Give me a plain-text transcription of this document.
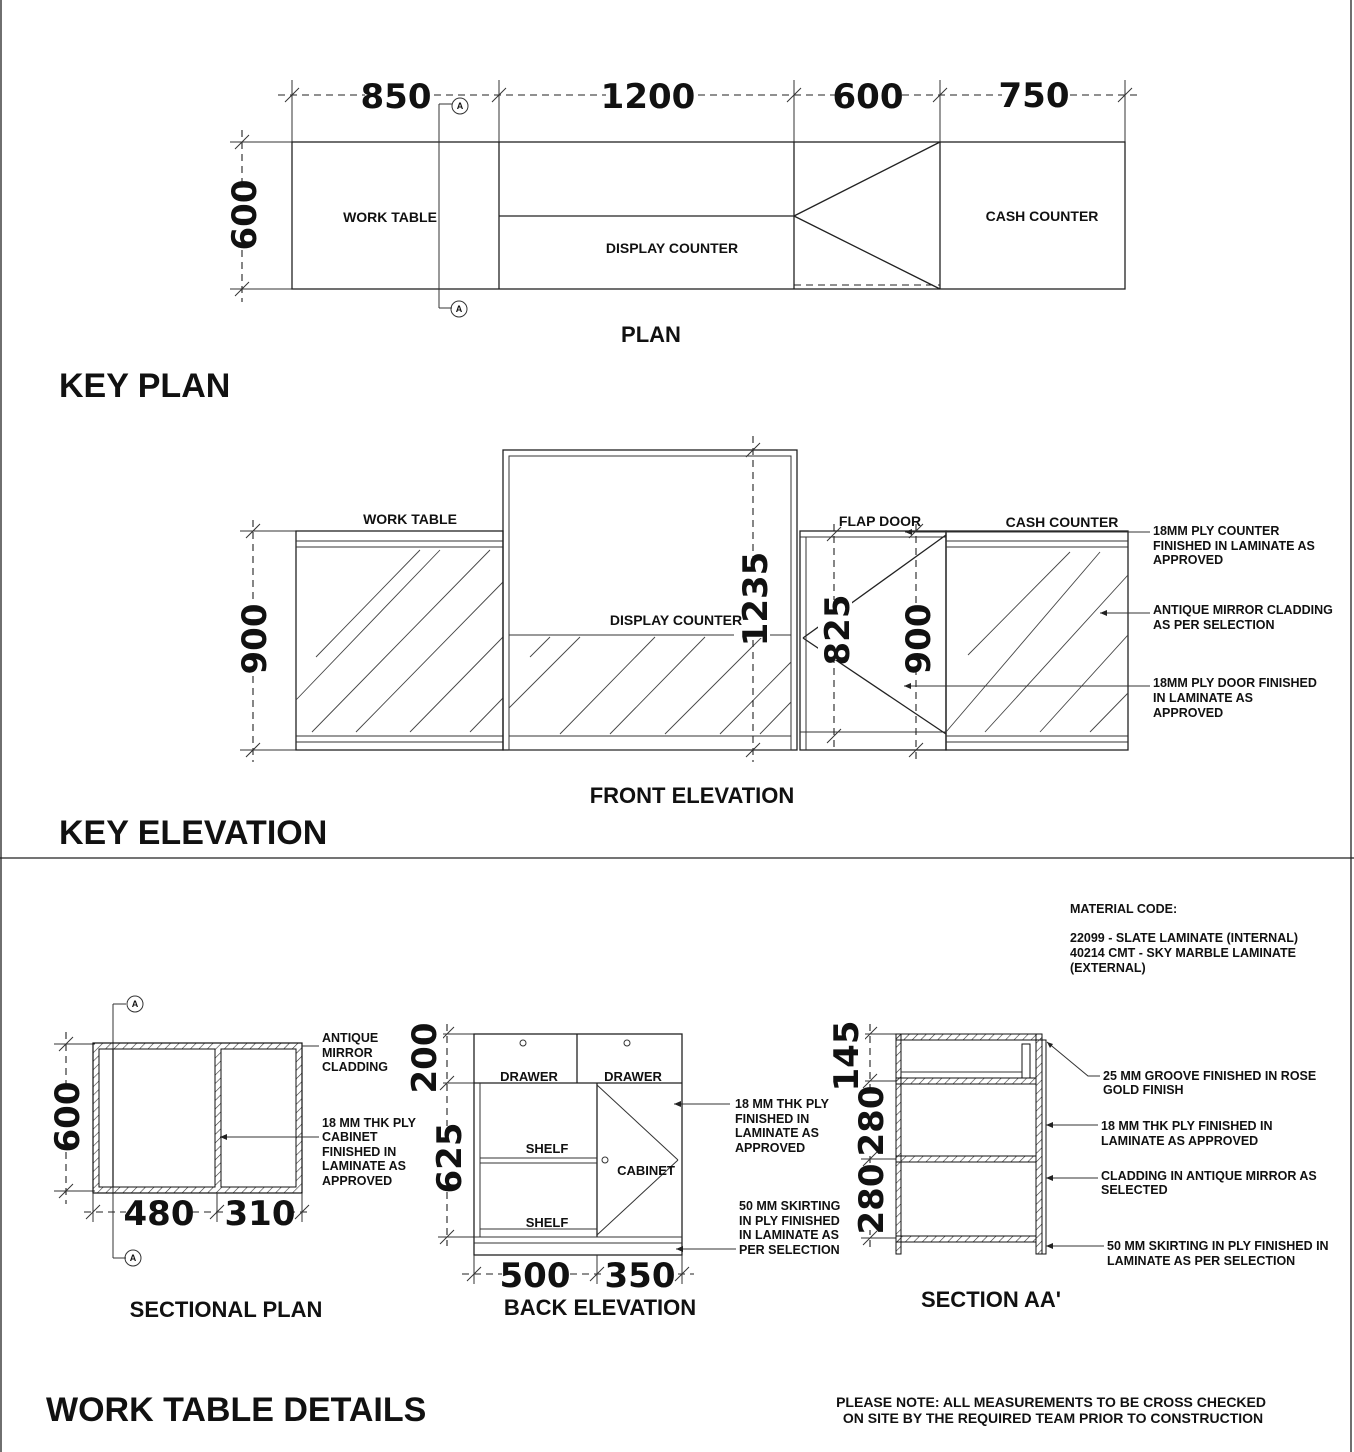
850	1200	600	750
600
A
A
WORK TABLE
DISPLAY COUNTER
CASH COUNTER
PLAN
KEY PLAN
900	1235 825 900
WORK TABLE
DISPLAY COUNTER
FLAP DOOR	CASH COUNTER
18MM PLY COUNTER FINISHED IN LAMINATE AS APPROVED
ANTIQUE MIRROR CLADDING AS PER SELECTION
18MM PLY DOOR FINISHED IN LAMINATE AS APPROVED
FRONT ELEVATION
KEY ELEVATION
MATERIAL CODE:
22099 - SLATE LAMINATE (INTERNAL) 40214 CMT - SKY MARBLE LAMINATE (EXTERNAL)
A
A
600
480 310
ANTIQUE MIRROR CLADDING
18 MM THK PLY CABINET FINISHED IN LAMINATE AS APPROVED
SECTIONAL PLAN
200
625
DRAWER	DRAWER
SHELF
SHELF
CABINET
500 350
18 MM THK PLY FINISHED IN LAMINATE AS APPROVED
50 MM SKIRTING IN PLY FINISHED IN LAMINATE AS PER SELECTION
BACK ELEVATION
145
280
280
25 MM GROOVE FINISHED IN ROSE GOLD FINISH
18 MM THK PLY FINISHED IN LAMINATE AS APPROVED
CLADDING IN ANTIQUE MIRROR AS SELECTED
50 MM SKIRTING IN PLY FINISHED IN LAMINATE AS PER SELECTION
SECTION AA'
WORK TABLE DETAILS	PLEASE NOTE: ALL MEASUREMENTS TO BE CROSS CHECKED ON SITE BY THE REQUIRED TEAM PRIOR TO CONSTRUCTION
